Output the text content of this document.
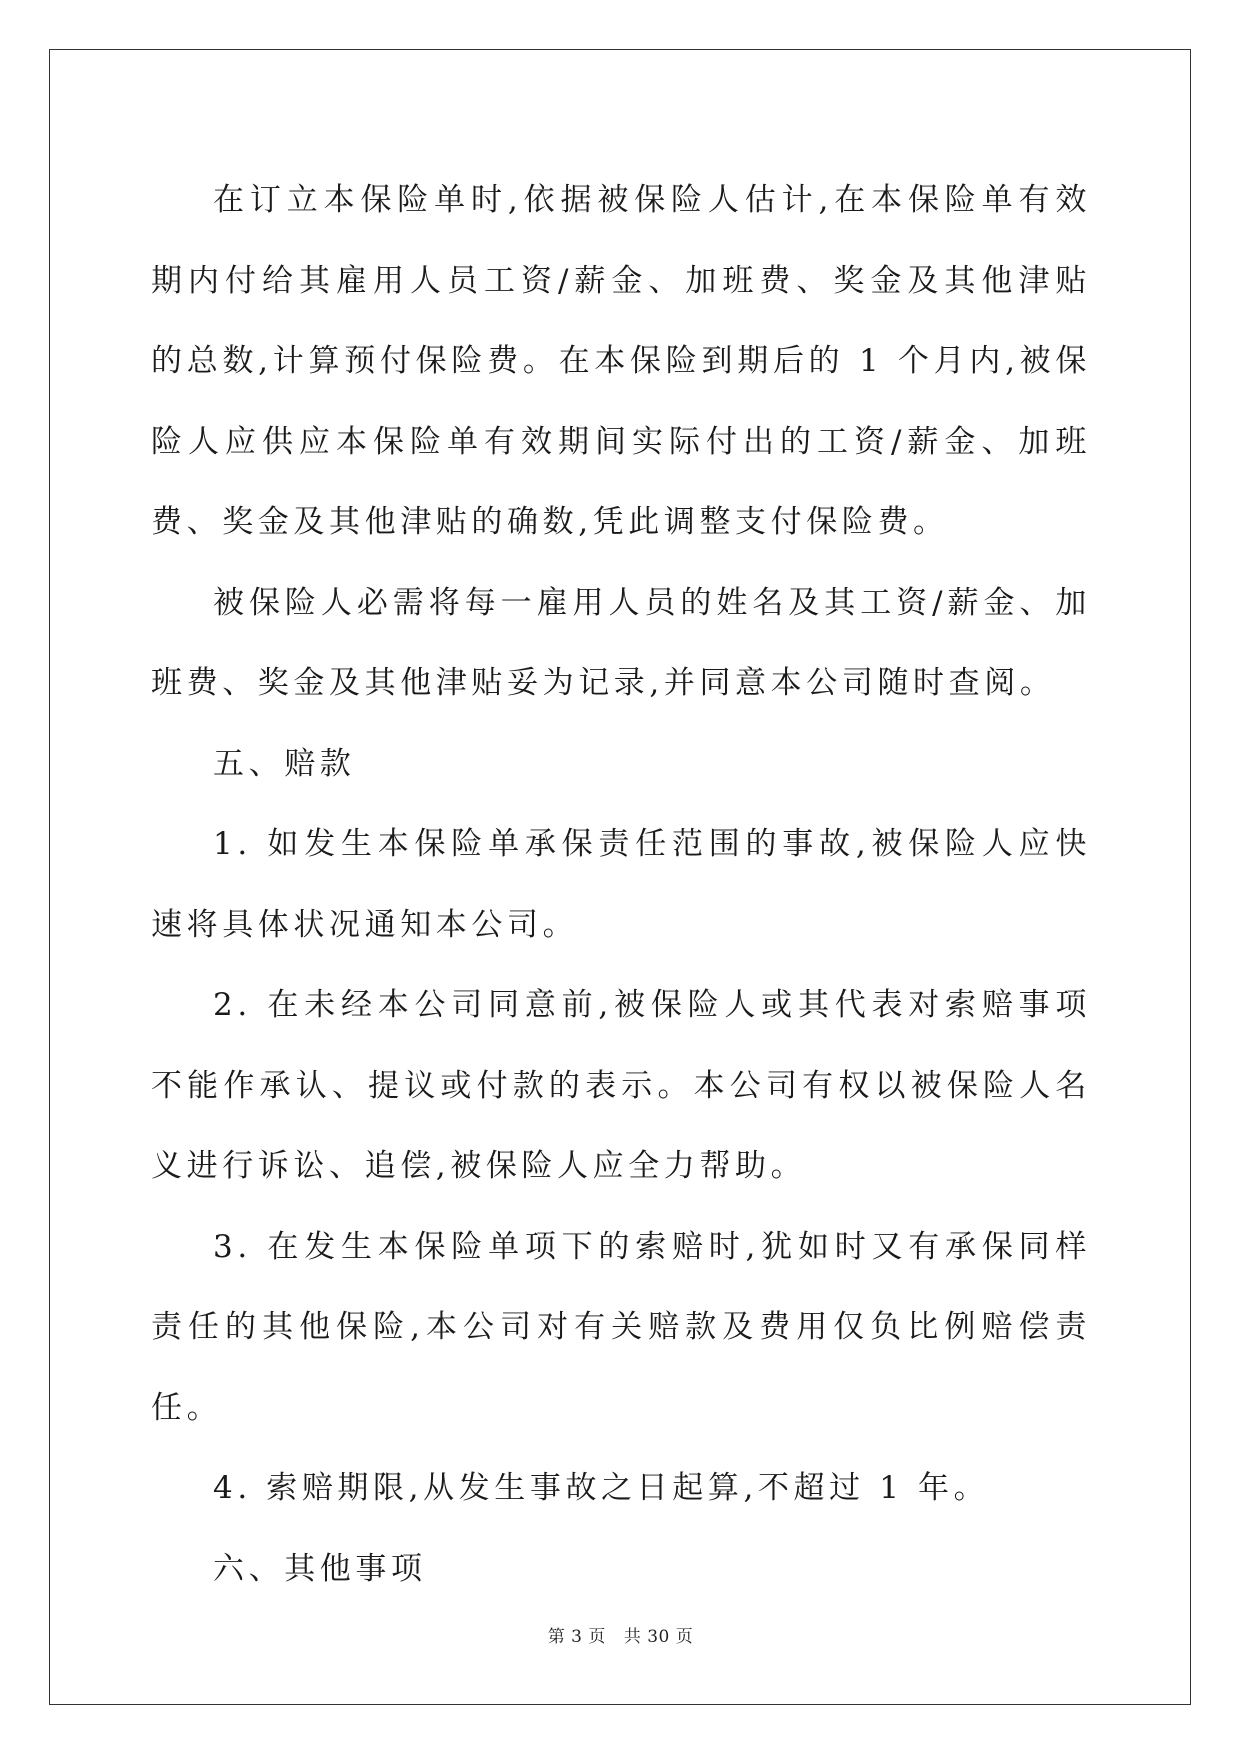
在订立本保险单时,依据被保险人估计,在本保险单有效期内付给其雇用人员工资/薪金、加班费、奖金及其他津贴的总数,计算预付保险费。在本保险到期后的 1 个月内,被保险人应供应本保险单有效期间实际付出的工资/薪金、加班费、奖金及其他津贴的确数,凭此调整支付保险费。

被保险人必需将每一雇用人员的姓名及其工资/薪金、加班费、奖金及其他津贴妥为记录,并同意本公司随时查阅。

五、赔款

1. 如发生本保险单承保责任范围的事故,被保险人应快速将具体状况通知本公司。

2. 在未经本公司同意前,被保险人或其代表对索赔事项不能作承认、提议或付款的表示。本公司有权以被保险人名义进行诉讼、追偿,被保险人应全力帮助。

3. 在发生本保险单项下的索赔时,犹如时又有承保同样责任的其他保险,本公司对有关赔款及费用仅负比例赔偿责任。

4. 索赔期限,从发生事故之日起算,不超过 1 年。

六、其他事项

第 3 页 共 30 页
